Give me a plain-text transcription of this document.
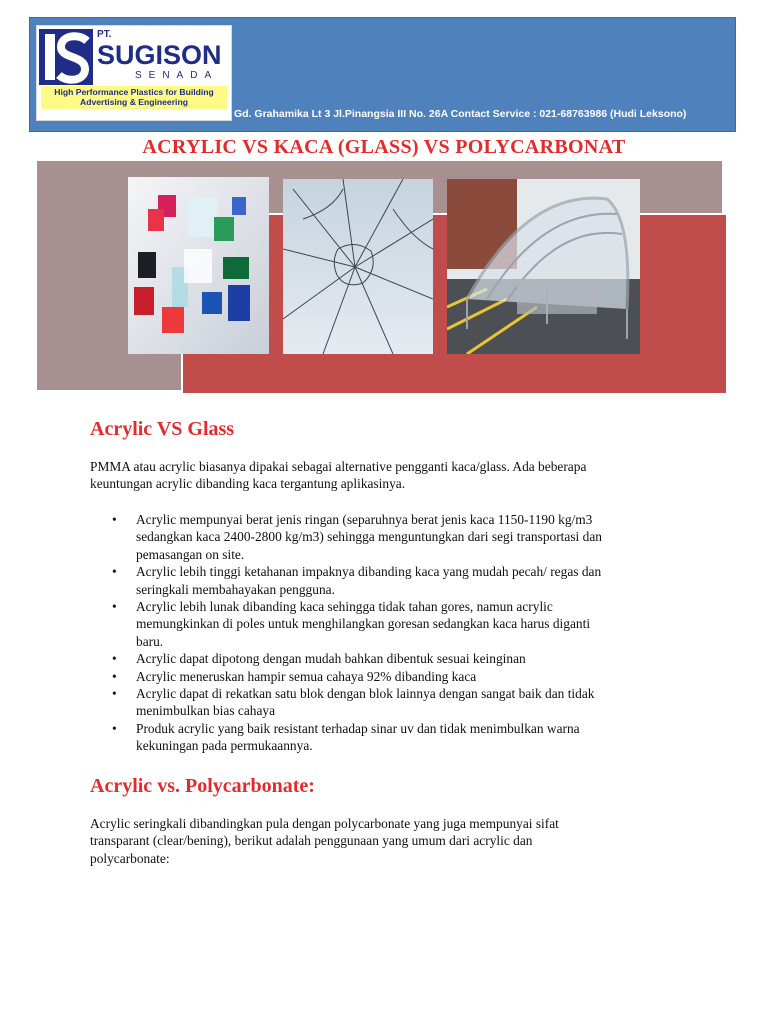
PT.
SUGISON
SENADA
High Performance Plastics for Building
Advertising & Engineering
Gd. Grahamika Lt 3 Jl.Pinangsia III No. 26A Contact Service : 021-68763986 (Hudi Leksono)
ACRYLIC VS KACA (GLASS) VS POLYCARBONAT
Acrylic VS Glass
PMMA atau acrylic biasanya dipakai sebagai alternative pengganti kaca/glass. Ada beberapa
keuntungan acrylic dibanding kaca tergantung aplikasinya.
• Acrylic mempunyai berat jenis ringan (separuhnya berat jenis kaca 1150-1190 kg/m3
sedangkan kaca 2400-2800 kg/m3) sehingga menguntungkan dari segi transportasi dan
pemasangan on site.
• Acrylic lebih tinggi ketahanan impaknya dibanding kaca yang mudah pecah/ regas dan
seringkali membahayakan pengguna.
• Acrylic lebih lunak dibanding kaca sehingga tidak tahan gores, namun acrylic
memungkinkan di poles untuk menghilangkan goresan sedangkan kaca harus diganti
baru.
• Acrylic dapat dipotong dengan mudah bahkan dibentuk sesuai keinginan
• Acrylic meneruskan hampir semua cahaya 92% dibanding kaca
• Acrylic dapat di rekatkan satu blok dengan blok lainnya dengan sangat baik dan tidak
menimbulkan bias cahaya
• Produk acrylic yang baik resistant terhadap sinar uv dan tidak menimbulkan warna
kekuningan pada permukaannya.
Acrylic vs. Polycarbonate:
Acrylic seringkali dibandingkan pula dengan polycarbonate yang juga mempunyai sifat
transparant (clear/bening), berikut adalah penggunaan yang umum dari acrylic dan
polycarbonate:
